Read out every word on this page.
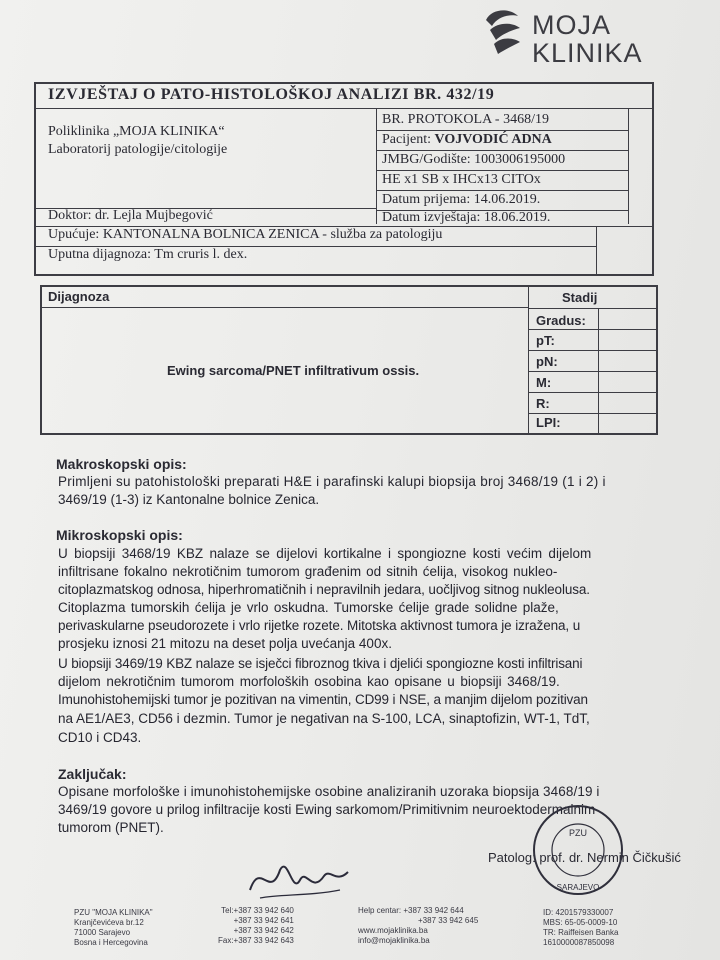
MOJA
KLINIKA
IZVJEŠTAJ O PATO-HISTOLOŠKOJ ANALIZI BR. 432/19
Poliklinika „MOJA KLINIKA“
Laboratorij patologije/citologije
BR. PROTOKOLA - 3468/19
Pacijent: VOJVODIĆ ADNA
JMBG/Godište: 1003006195000
HE x1 SB x IHCx13 CITOx
Datum prijema: 14.06.2019.
Doktor: dr. Lejla Mujbegović	Datum izvještaja: 18.06.2019.
Upućuje: KANTONALNA BOLNICA ZENICA - služba za patologiju
Uputna dijagnoza: Tm cruris l. dex.
Dijagnoza
Ewing sarcoma/PNET infiltrativum ossis.
Stadij
Gradus:
pT:
pN:
M:
R:
LPI:
Makroskopski opis:
Primljeni su patohistološki preparati H&E i parafinski kalupi biopsija broj 3468/19 (1 i 2) i
3469/19 (1-3) iz Kantonalne bolnice Zenica.
Mikroskopski opis:
U biopsiji 3468/19 KBZ nalaze se dijelovi kortikalne i spongiozne kosti većim dijelom
infiltrisane fokalno nekrotičnim tumorom građenim od sitnih ćelija, visokog nukleo-
citoplazmatskog odnosa, hiperhromatičnih i nepravilnih jedara, uočljivog sitnog nukleolusa.
Citoplazma tumorskih ćelija je vrlo oskudna. Tumorske ćelije grade solidne plaže,
perivaskularne pseudorozete i vrlo rijetke rozete. Mitotska aktivnost tumora je izražena, u
prosjeku iznosi 21 mitozu na deset polja uvećanja 400x.
U biopsiji 3469/19 KBZ nalaze se isječci fibroznog tkiva i djelići spongiozne kosti infiltrisani
dijelom nekrotičnim tumorom morfoloških osobina kao opisane u biopsiji 3468/19.
Imunohistohemijski tumor je pozitivan na vimentin, CD99 i NSE, a manjim dijelom pozitivan
na AE1/AE3, CD56 i dezmin. Tumor je negativan na S-100, LCA, sinaptofizin, WT-1, TdT,
CD10 i CD43.
Zaključak:
Opisane morfološke i imunohistohemijske osobine analiziranih uzoraka biopsija 3468/19 i
3469/19 govore u prilog infiltracije kosti Ewing sarkomom/Primitivnim neuroektodermalnim
tumorom (PNET).
Patolog: prof. dr. Nermin Čičkušić
PZU
SARAJEVO
PZU "MOJA KLINIKA"
Kranjčevićeva br.12
71000 Sarajevo
Bosna i Hercegovina
Tel:+387 33 942 640
+387 33 942 641
+387 33 942 642
Fax:+387 33 942 643
Help centar: +387 33 942 644
+387 33 942 645
www.mojaklinika.ba
info@mojaklinika.ba
ID: 4201579330007
MBS: 65-05-0009-10
TR: Raiffeisen Banka
1610000087850098
